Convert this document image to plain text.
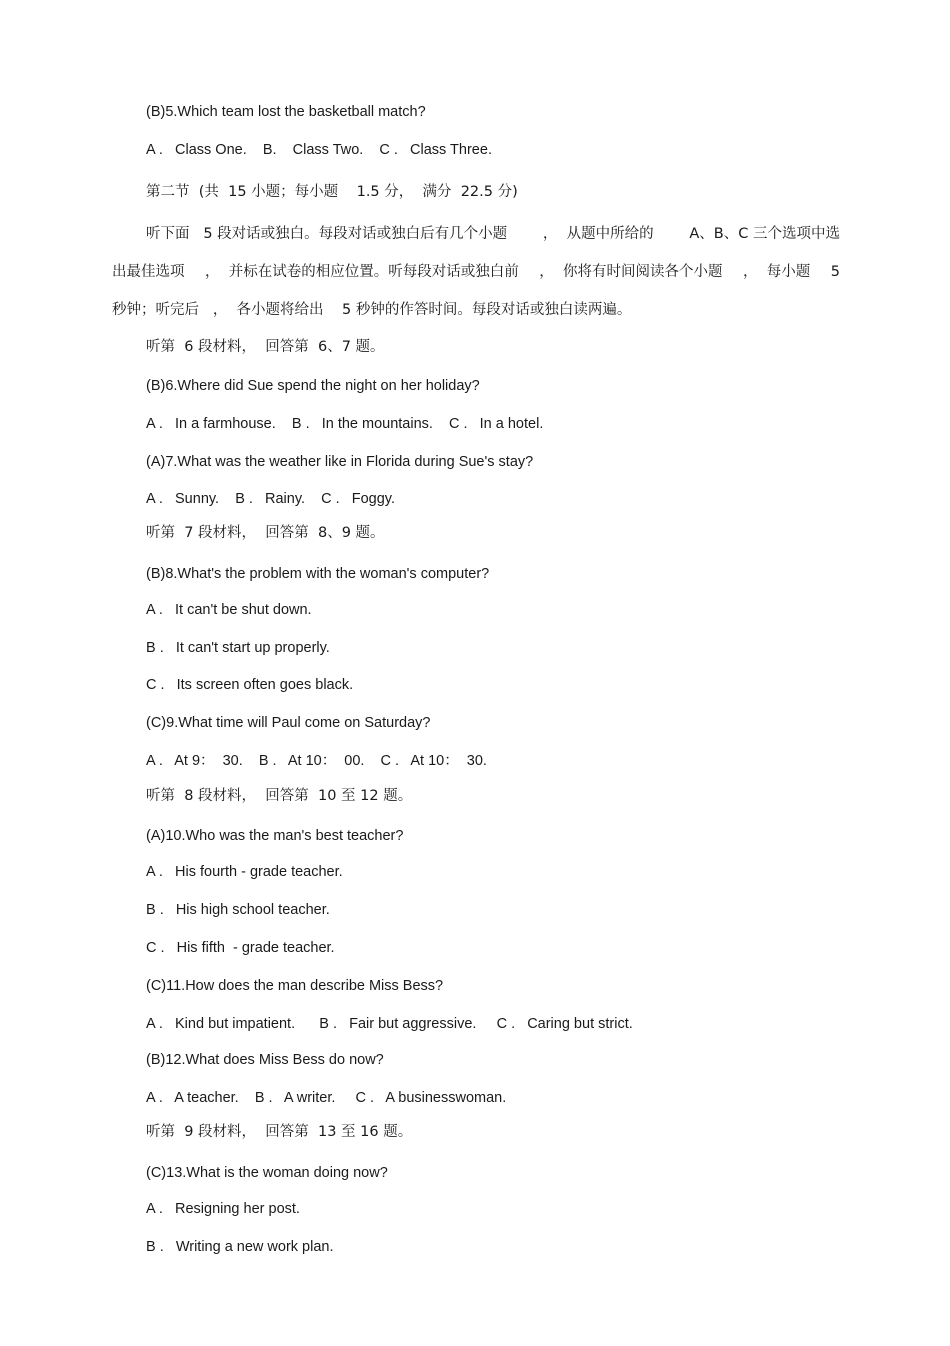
(B)5.Which team lost the basketball match?
A .   Class One.    B.    Class Two.    C .   Class Three.
第二节  (共  15 小题；每小题    1.5 分，  满分  22.5 分)
听下面   5 段对话或独白。每段对话或独白后有几个小题 ，  从题中所给的 A、B、C 三个选项中选
出最佳选项 ，  并标在试卷的相应位置。听每段对话或独白前 ，  你将有时间阅读各个小题 ，  每小题 5
秒钟；听完后   ，  各小题将给出    5 秒钟的作答时间。每段对话或独白读两遍。
听第  6 段材料，  回答第  6、7 题。
(B)6.Where did Sue spend the night on her holiday?
A .   In a farmhouse.    B .   In the mountains.    C .   In a hotel.
(A)7.What was the weather like in Florida during Sue's stay?
A .   Sunny.    B .   Rainy.    C .   Foggy.
听第  7 段材料，  回答第  8、9 题。
(B)8.What's the problem with the woman's computer?
A .   It can't be shut down.
B .   It can't start up properly.
C .   Its screen often goes black.
(C)9.What time will Paul come on Saturday?
A .   At 9：  30.    B .   At 10：  00.    C .   At 10：  30.
听第  8 段材料，  回答第  10 至 12 题。
(A)10.Who was the man's best teacher?
A .   His fourth - grade teacher.
B .   His high school teacher.
C .   His fifth  - grade teacher.
(C)11.How does the man describe Miss Bess?
A .   Kind but impatient.      B .   Fair but aggressive.     C .   Caring but strict.
(B)12.What does Miss Bess do now?
A .   A teacher.    B .   A writer.     C .   A businesswoman.
听第  9 段材料，  回答第  13 至 16 题。
(C)13.What is the woman doing now?
A .   Resigning her post.
B .   Writing a new work plan.
